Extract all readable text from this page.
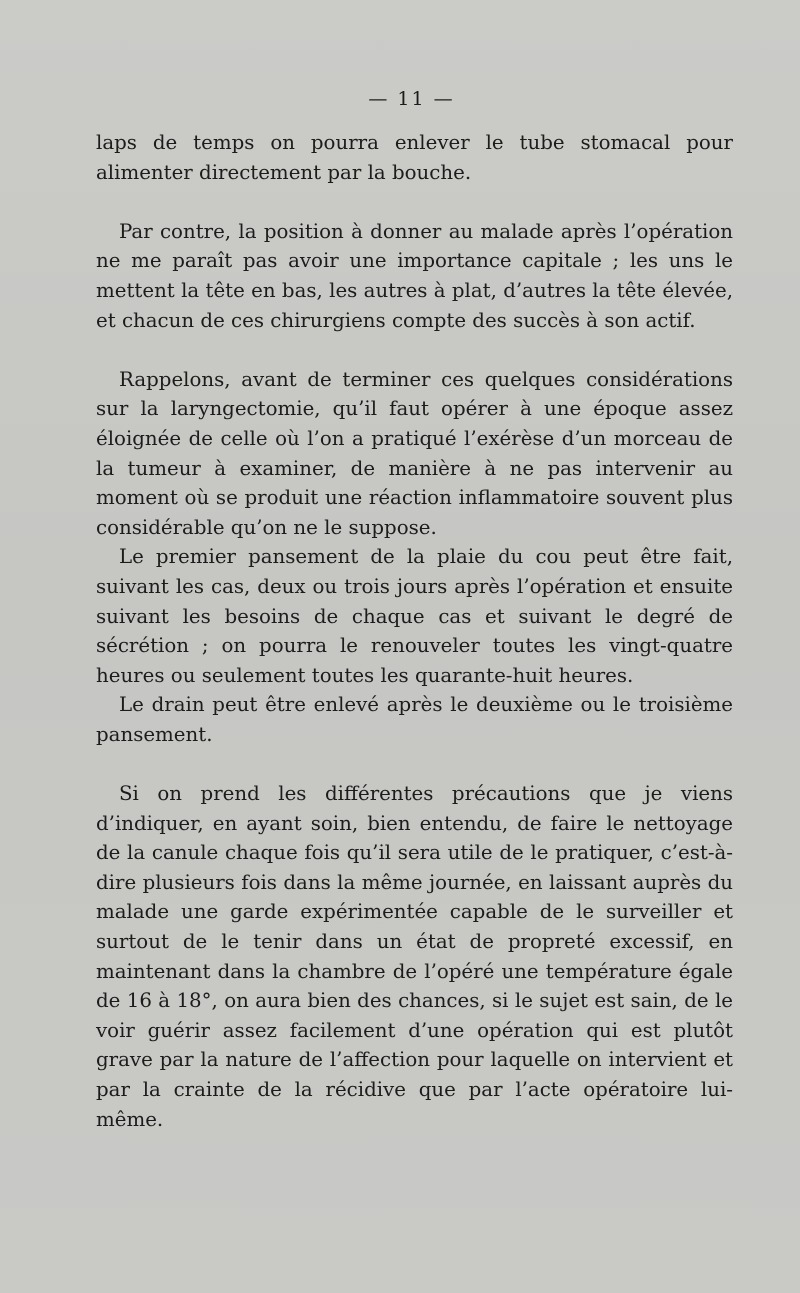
— 11 —

laps de temps on pourra enlever le tube stomacal pour alimenter directement par la bouche.

Par contre, la position à donner au malade après l’opération ne me paraît pas avoir une importance capitale ; les uns le mettent la tête en bas, les autres à plat, d’autres la tête élevée, et chacun de ces chirurgiens compte des succès à son actif.

Rappelons, avant de terminer ces quelques considérations sur la laryngectomie, qu’il faut opérer à une époque assez éloignée de celle où l’on a pratiqué l’exérèse d’un morceau de la tumeur à examiner, de manière à ne pas intervenir au moment où se produit une réaction inflammatoire souvent plus considérable qu’on ne le suppose.

Le premier pansement de la plaie du cou peut être fait, suivant les cas, deux ou trois jours après l’opération et ensuite suivant les besoins de chaque cas et suivant le degré de sécrétion ; on pourra le renouveler toutes les vingt-quatre heures ou seulement toutes les quarante-huit heures.

Le drain peut être enlevé après le deuxième ou le troisième pansement.

Si on prend les différentes précautions que je viens d’indiquer, en ayant soin, bien entendu, de faire le nettoyage de la canule chaque fois qu’il sera utile de le pratiquer, c’est-à-dire plusieurs fois dans la même journée, en laissant auprès du malade une garde expérimentée capable de le surveiller et surtout de le tenir dans un état de propreté excessif, en maintenant dans la chambre de l’opéré une température égale de 16 à 18°, on aura bien des chances, si le sujet est sain, de le voir guérir assez facilement d’une opération qui est plutôt grave par la nature de l’affection pour laquelle on intervient et par la crainte de la récidive que par l’acte opératoire lui-même.
